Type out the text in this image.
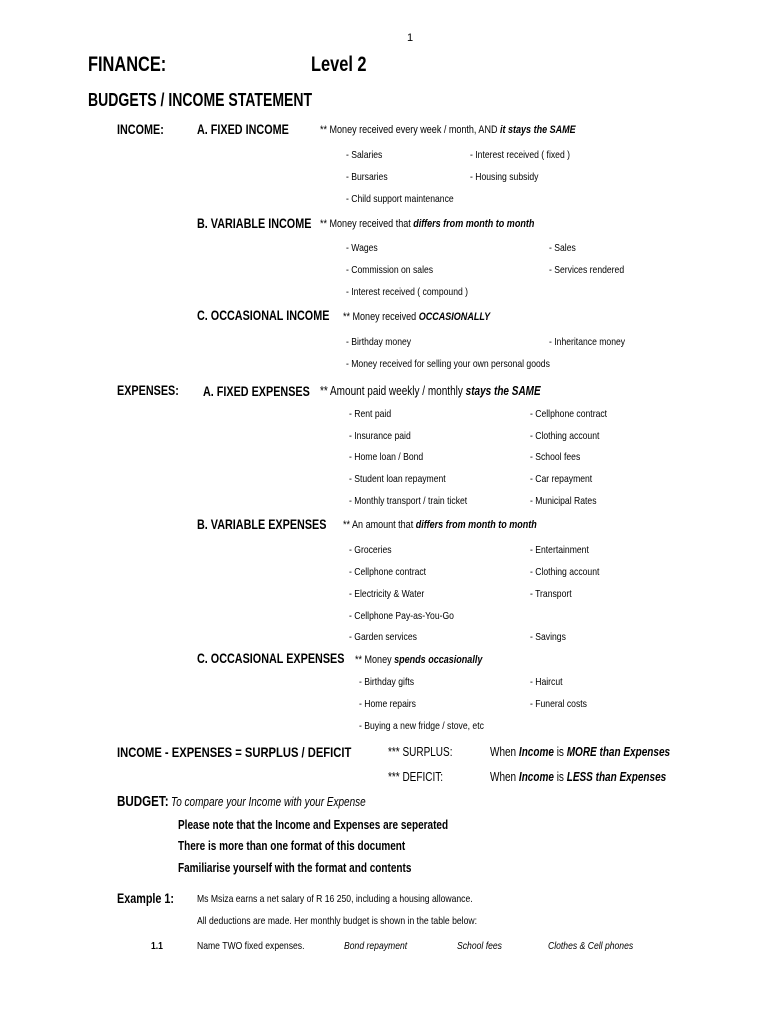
1
FINANCE:	Level 2
BUDGETS / INCOME STATEMENT
INCOME: A. FIXED INCOME	** Money received every week / month, AND it stays the SAME
- Salaries
- Bursaries
- Child support maintenance
- Interest received ( fixed )
- Housing subsidy
B. VARIABLE INCOME ** Money received that differs from month to month
- Wages
- Commission on sales
- Interest received ( compound )
- Sales
- Services rendered
C. OCCASIONAL INCOME ** Money received OCCASIONALLY
- Birthday money
- Money received for selling your own personal goods
- Inheritance money
EXPENSES: A. FIXED EXPENSES ** Amount paid weekly / monthly stays the SAME
- Rent paid
- Insurance paid
- Home loan / Bond
- Student loan repayment
- Monthly transport / train ticket
- Cellphone contract
- Clothing account
- School fees
- Car repayment
- Municipal Rates
B. VARIABLE EXPENSES ** An amount that differs from month to month
- Groceries
- Cellphone contract
- Electricity & Water
- Cellphone Pay-as-You-Go
- Garden services
- Entertainment
- Clothing account
- Transport
- Savings
C. OCCASIONAL EXPENSES ** Money spends occasionally
- Birthday gifts
- Home repairs
- Buying a new fridge / stove, etc
- Haircut
- Funeral costs
INCOME - EXPENSES = SURPLUS / DEFICIT	*** SURPLUS:	When Income is MORE than Expenses
*** DEFICIT:	When Income is LESS than Expenses
BUDGET: To compare your Income with your Expense
Please note that the Income and Expenses are seperated
There is more than one format of this document
Familiarise yourself with the format and contents
Example 1: Ms Msiza earns a net salary of R 16 250, including a housing allowance.
All deductions are made. Her monthly budget is shown in the table below:
1.1	Name TWO fixed expenses.	Bond repayment	School fees	Clothes & Cell phones
